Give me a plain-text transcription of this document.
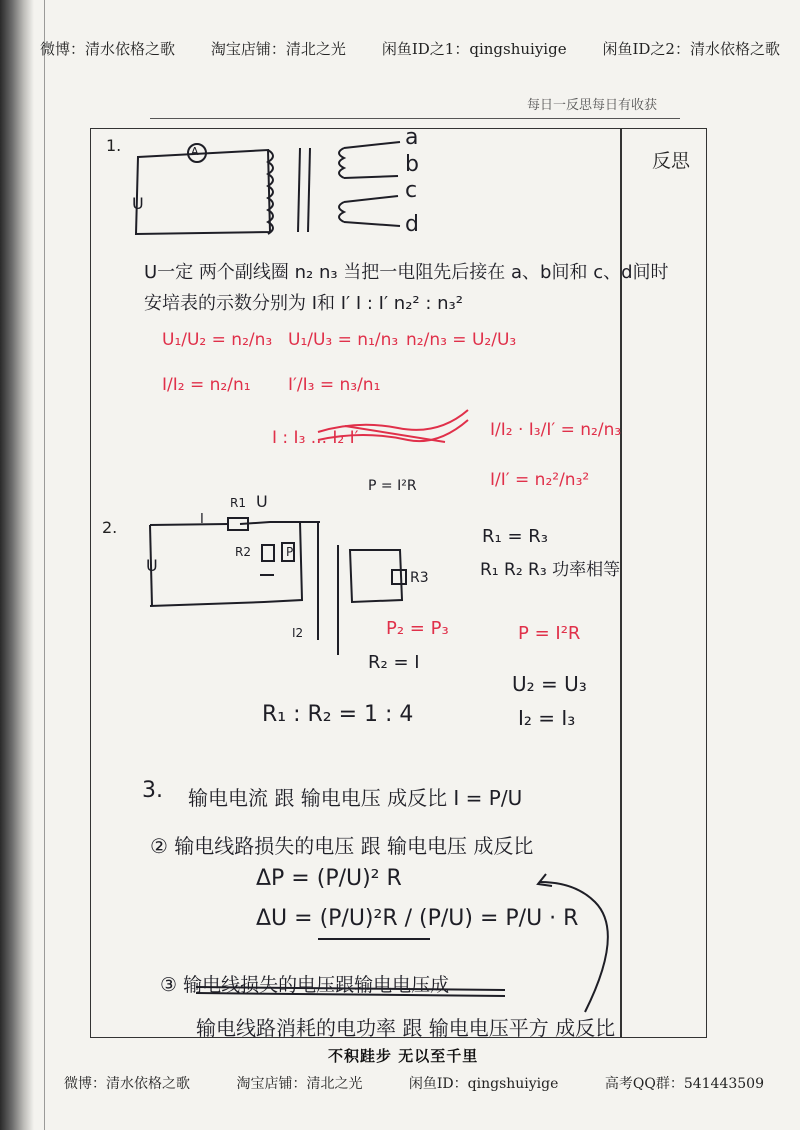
微博：清水依格之歌 淘宝店铺：清北之光 闲鱼ID之1：qingshuiyige 闲鱼ID之2：清水依格之歌
每日一反思每日有收获
反思
1.	A
U
a
b
c
d
U一定 两个副线圈 n₂ n₃ 当把一电阻先后接在 a、b间和 c、d间时
安培表的示数分别为 I和 I′ I : I′ n₂² : n₃²
U₁/U₂ = n₂/n₃ U₁/U₃ = n₁/n₃ n₂/n₃ = U₂/U₃
I/I₂ = n₂/n₁ I′/I₃ = n₃/n₁
I : I₃ ... I₂ I′	I/I₂ · I₃/I′ = n₂/n₃
I/I′ = n₂²/n₃²
2.
P = I²R
R1 U
R2	P
R3
U
I
I2
R₁ = R₃
R₁ R₂ R₃ 功率相等
P₂ = P₃	P = I²R
R₂ = I
U₂ = U₃
I₂ = I₃
R₁ : R₂ = 1 : 4
3. 输电电流 跟 输电电压 成反比 I = P/U
② 输电线路损失的电压 跟 输电电压 成反比
ΔP = (P/U)² R
ΔU = (P/U)²R / (P/U) = P/U · R
③ 输电线损失的电压跟输电电压成
输电线路消耗的电功率 跟 输电电压平方 成反比
不积跬步 无以至千里
微博：清水依格之歌	淘宝店铺：清北之光	闲鱼ID：qingshuiyige	高考QQ群：541443509
